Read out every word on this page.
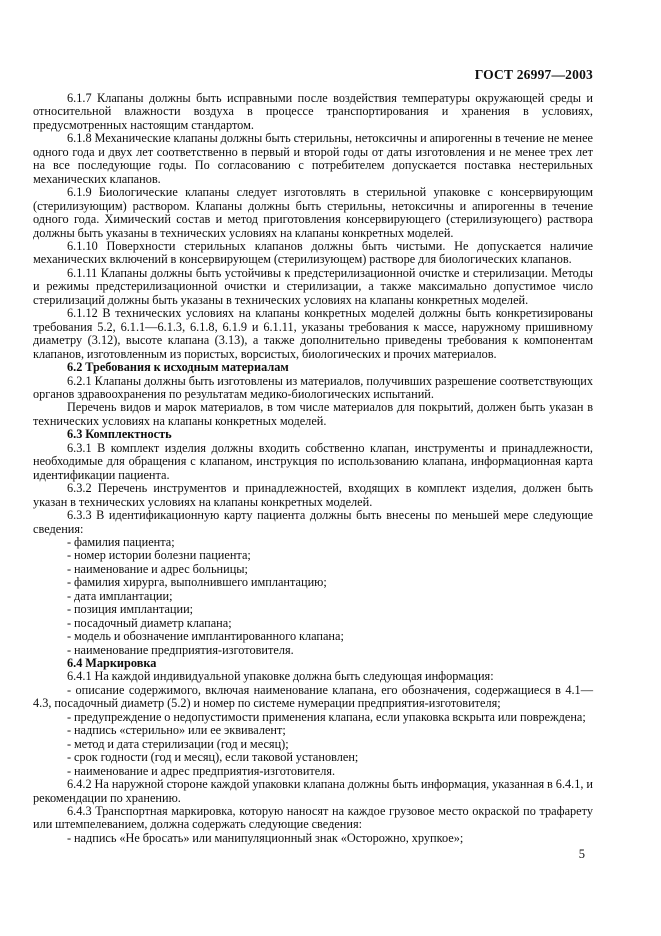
ГОСТ 26997—2003

6.1.7 Клапаны должны быть исправными после воздействия температуры окружающей среды и относительной влажности воздуха в процессе транспортирования и хранения в условиях, предусмотренных настоящим стандартом.

6.1.8 Механические клапаны должны быть стерильны, нетоксичны и апирогенны в течение не менее одного года и двух лет соответственно в первый и второй годы от даты изготовления и не менее трех лет на все последующие годы. По согласованию с потребителем допускается поставка нестерильных механических клапанов.

6.1.9 Биологические клапаны следует изготовлять в стерильной упаковке с консервирующим (стерилизующим) раствором. Клапаны должны быть стерильны, нетоксичны и апирогенны в течение одного года. Химический состав и метод приготовления консервирующего (стерилизующего) раствора должны быть указаны в технических условиях на клапаны конкретных моделей.

6.1.10 Поверхности стерильных клапанов должны быть чистыми. Не допускается наличие механических включений в консервирующем (стерилизующем) растворе для биологических клапанов.

6.1.11 Клапаны должны быть устойчивы к предстерилизационной очистке и стерилизации. Методы и режимы предстерилизационной очистки и стерилизации, а также максимально допустимое число стерилизаций должны быть указаны в технических условиях на клапаны конкретных моделей.

6.1.12 В технических условиях на клапаны конкретных моделей должны быть конкретизированы требования 5.2, 6.1.1—6.1.3, 6.1.8, 6.1.9 и 6.1.11, указаны требования к массе, наружному пришивному диаметру (3.12), высоте клапана (3.13), а также дополнительно приведены требования к компонентам клапанов, изготовленным из пористых, ворсистых, биологических и прочих материалов.

6.2 Требования к исходным материалам

6.2.1 Клапаны должны быть изготовлены из материалов, получивших разрешение соответствующих органов здравоохранения по результатам медико-биологических испытаний.

Перечень видов и марок материалов, в том числе материалов для покрытий, должен быть указан в технических условиях на клапаны конкретных моделей.

6.3 Комплектность

6.3.1 В комплект изделия должны входить собственно клапан, инструменты и принадлежности, необходимые для обращения с клапаном, инструкция по использованию клапана, информационная карта идентификации пациента.

6.3.2 Перечень инструментов и принадлежностей, входящих в комплект изделия, должен быть указан в технических условиях на клапаны конкретных моделей.

6.3.3 В идентификационную карту пациента должны быть внесены по меньшей мере следующие сведения:

- фамилия пациента;

- номер истории болезни пациента;

- наименование и адрес больницы;

- фамилия хирурга, выполнившего имплантацию;

- дата имплантации;

- позиция имплантации;

- посадочный диаметр клапана;

- модель и обозначение имплантированного клапана;

- наименование предприятия-изготовителя.

6.4 Маркировка

6.4.1 На каждой индивидуальной упаковке должна быть следующая информация:

- описание содержимого, включая наименование клапана, его обозначения, содержащиеся в 4.1—4.3, посадочный диаметр (5.2) и номер по системе нумерации предприятия-изготовителя;

- предупреждение о недопустимости применения клапана, если упаковка вскрыта или повреждена;

- надпись «стерильно» или ее эквивалент;

- метод и дата стерилизации (год и месяц);

- срок годности (год и месяц), если таковой установлен;

- наименование и адрес предприятия-изготовителя.

6.4.2 На наружной стороне каждой упаковки клапана должны быть информация, указанная в 6.4.1, и рекомендации по хранению.

6.4.3 Транспортная маркировка, которую наносят на каждое грузовое место окраской по трафарету или штемпелеванием, должна содержать следующие сведения:

- надпись «Не бросать» или манипуляционный знак «Осторожно, хрупкое»;

5
